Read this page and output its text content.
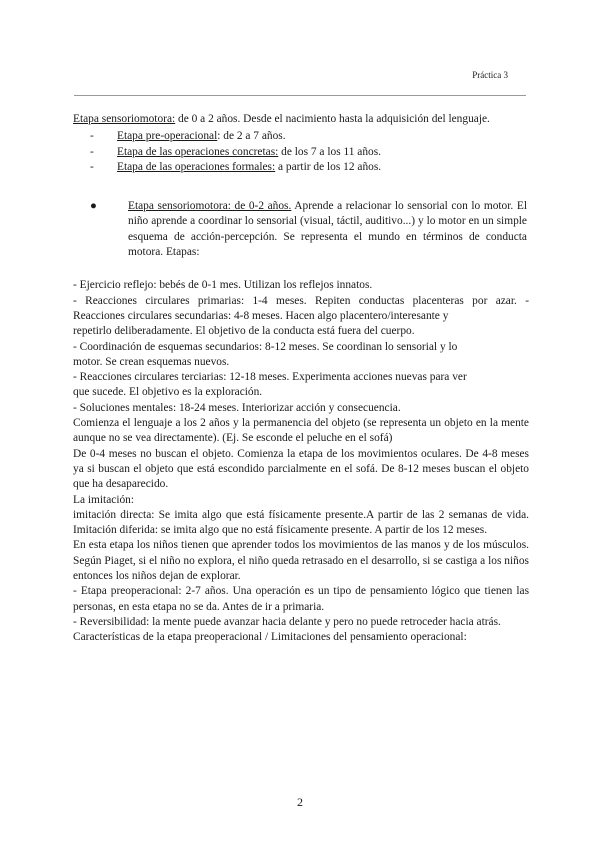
Práctica 3

Etapa sensoriomotora: de 0 a 2 años. Desde el nacimiento hasta la adquisición del lenguaje.

- Etapa pre-operacional: de 2 a 7 años.
- Etapa de las operaciones concretas: de los 7 a los 11 años.
- Etapa de las operaciones formales: a partir de los 12 años.
●	Etapa sensoriomotora: de 0-2 años. Aprende a relacionar lo sensorial con lo motor. El niño aprende a coordinar lo sensorial (visual, táctil, auditivo...) y lo motor en un simple esquema de acción-percepción. Se representa el mundo en términos de conducta motora. Etapas:
- Ejercicio reflejo: bebés de 0-1 mes. Utilizan los reflejos innatos.
- Reacciones circulares primarias: 1-4 meses. Repiten conductas placenteras por azar. -
Reacciones circulares secundarias: 4-8 meses. Hacen algo placentero/interesante y
repetirlo deliberadamente. El objetivo de la conducta está fuera del cuerpo.
- Coordinación de esquemas secundarios: 8-12 meses. Se coordinan lo sensorial y lo
motor. Se crean esquemas nuevos.
- Reacciones circulares terciarias: 12-18 meses. Experimenta acciones nuevas para ver
que sucede. El objetivo es la exploración.
- Soluciones mentales: 18-24 meses. Interiorizar acción y consecuencia.
Comienza el lenguaje a los 2 años y la permanencia del objeto (se representa un objeto en la mente aunque no se vea directamente). (Ej. Se esconde el peluche en el sofá)
De 0-4 meses no buscan el objeto. Comienza la etapa de los movimientos oculares. De 4-8 meses ya si buscan el objeto que está escondido parcialmente en el sofá. De 8-12 meses buscan el objeto que ha desaparecido.
La imitación:
imitación directa: Se imita algo que está físicamente presente.A partir de las 2 semanas de vida. Imitación diferida: se imita algo que no está físicamente presente. A partir de los 12 meses.
En esta etapa los niños tienen que aprender todos los movimientos de las manos y de los músculos. Según Piaget, si el niño no explora, el niño queda retrasado en el desarrollo, si se castiga a los niños entonces los niños dejan de explorar.
- Etapa preoperacional: 2-7 años. Una operación es un tipo de pensamiento lógico que tienen las personas, en esta etapa no se da. Antes de ir a primaria.
- Reversibilidad: la mente puede avanzar hacia delante y pero no puede retroceder hacia atrás.
Características de la etapa preoperacional / Limitaciones del pensamiento operacional:
2
